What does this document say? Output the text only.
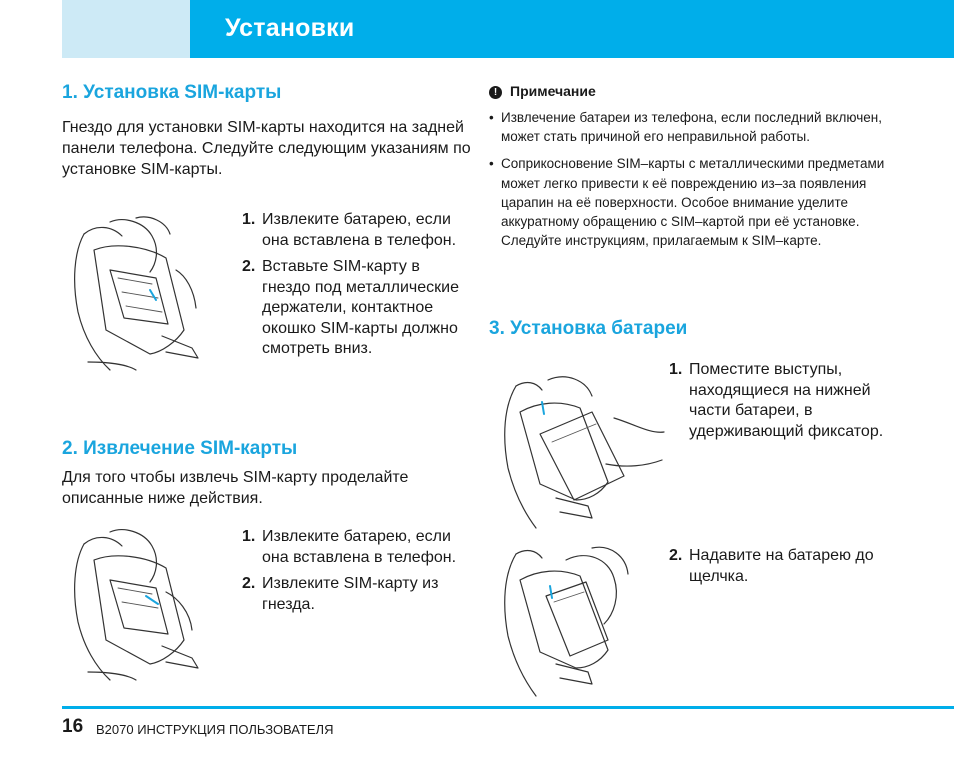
Установки
1. Установка SIM-карты

Гнездо для установки SIM-карты находится на задней панели телефона. Следуйте следующим указаниям по установке SIM-карты.

1. Извлеките батарею, если она вставлена в телефон.
2. Вставьте SIM-карту в гнездо под металлические держатели, контактное окошко SIM-карты должно смотреть вниз.
2. Извлечение SIM-карты

Для того чтобы извлечь SIM-карту проделайте описанные ниже действия.

1. Извлеките батарею, если она вставлена в телефон.
2. Извлеките SIM-карту из гнезда.
! Примечание
• Извлечение батареи из телефона, если последний включен, может стать причиной его неправильной работы.
• Соприкосновение SIM–карты с металлическими предметами может легко привести к её повреждению из–за появления царапин на её поверхности. Особое внимание уделите аккуратному обращению с SIM–картой при её установке. Следуйте инструкциям, прилагаемым к SIM–карте.
3. Установка батареи
1. Поместите выступы, находящиеся на нижней части батареи, в удерживающий фиксатор.
2. Надавите на батарею до щелчка.
16 B2070 ИНСТРУКЦИЯ ПОЛЬЗОВАТЕЛЯ
